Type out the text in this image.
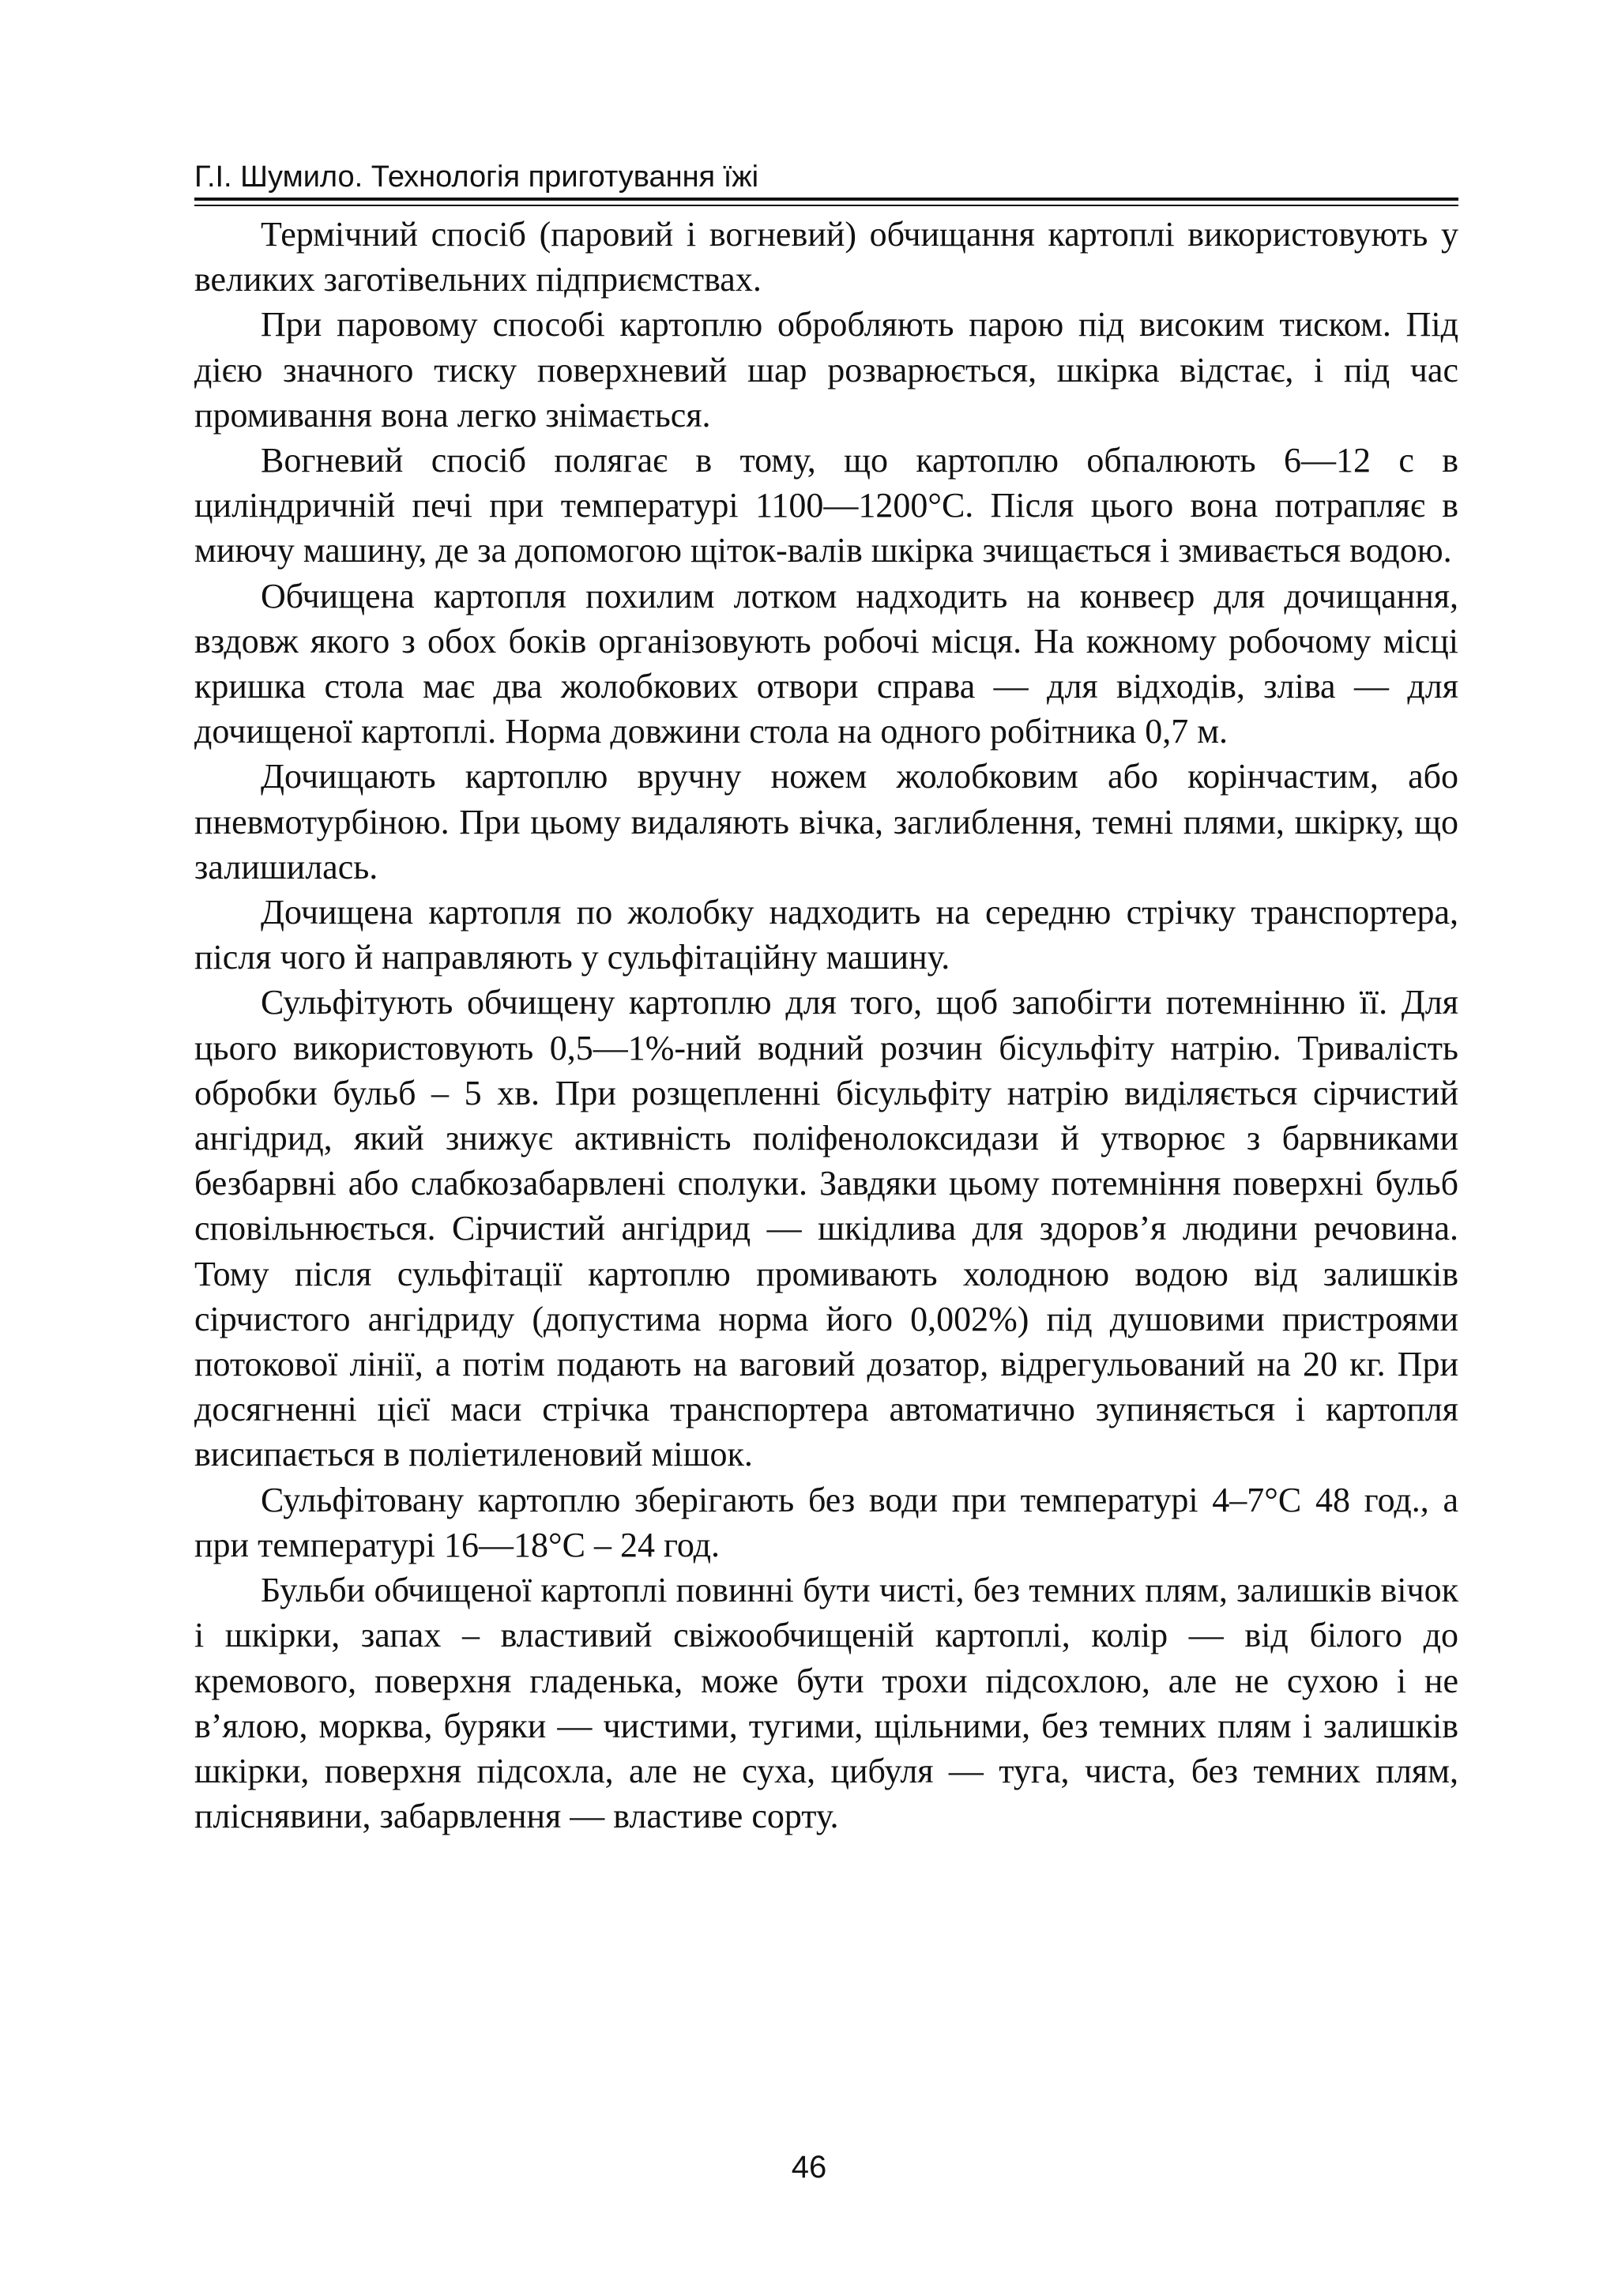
Г.І. Шумило. Технологія приготування їжі

Термічний спосіб (паровий і вогневий) обчищання картоплі використовують у великих заготівельних підприємствах.

При паровому способі картоплю обробляють парою під високим тиском. Під дією значного тиску поверхневий шар розварюється, шкірка відстає, і під час промивання вона легко знімається.

Вогневий спосіб полягає в тому, що картоплю обпалюють 6—12 с в циліндричній печі при температурі 1100—1200°С. Після цього вона потрапляє в миючу машину, де за допомогою щіток-валів шкірка зчищається і змивається водою.

Обчищена картопля похилим лотком надходить на конвеєр для дочищання, вздовж якого з обох боків організовують робочі місця. На кожному робочому місці кришка стола має два жолобкових отвори справа — для відходів, зліва — для дочищеної картоплі. Норма довжини стола на одного робітника 0,7 м.

Дочищають картоплю вручну ножем жолобковим або корінчастим, або пневмотурбіною. При цьому видаляють вічка, заглиблення, темні плями, шкірку, що залишилась.

Дочищена картопля по жолобку надходить на середню стрічку транспортера, після чого й направляють у сульфітаційну машину.

Сульфітують обчищену картоплю для того, щоб запобігти потемнінню її. Для цього використовують 0,5—1%-ний водний розчин бісульфіту натрію. Тривалість обробки бульб – 5 хв. При розщепленні бісульфіту натрію виділяється сірчистий ангідрид, який знижує активність поліфенолоксидази й утворює з барвниками безбарвні або слабкозабарвлені сполуки. Завдяки цьому потемніння поверхні бульб сповільнюється. Сірчистий ангідрид — шкідлива для здоров’я людини речовина. Тому після сульфітації картоплю промивають холодною водою від залишків сірчистого ангідриду (допустима норма його 0,002%) під душовими пристроями потокової лінії, а потім подають на ваговий дозатор, відрегульований на 20 кг. При досягненні цієї маси стрічка транспортера автоматично зупиняється і картопля висипається в поліетиленовий мішок.

Сульфітовану картоплю зберігають без води при температурі 4–7°С 48 год., а при температурі 16—18°С – 24 год.

Бульби обчищеної картоплі повинні бути чисті, без темних плям, залишків вічок і шкірки, запах – властивий свіжообчищеній картоплі, колір — від білого до кремового, поверхня гладенька, може бути трохи підсохлою, але не сухою і не в’ялою, морква, буряки — чистими, тугими, щільними, без темних плям і залишків шкірки, поверхня підсохла, але не суха, цибуля — туга, чиста, без темних плям, плiснявини, забарвлення — властиве сорту.

46
